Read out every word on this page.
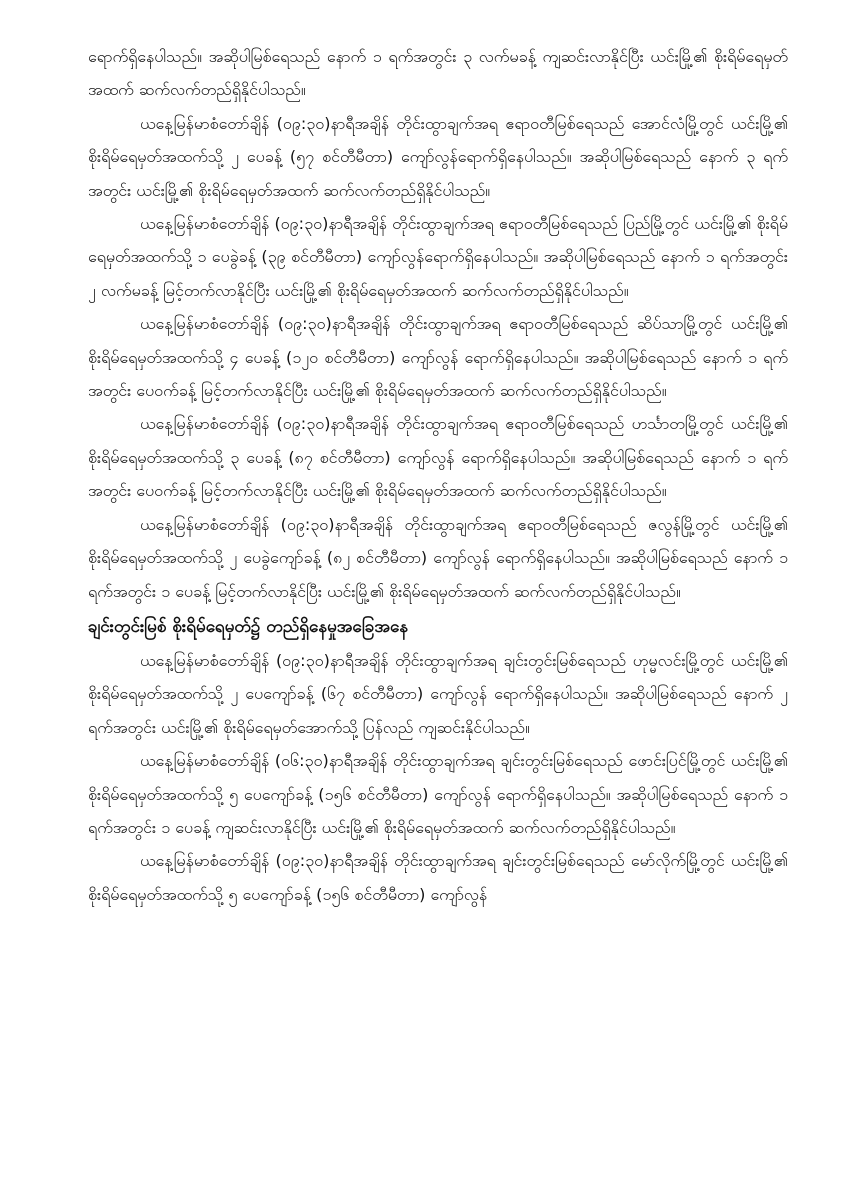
ရောက်ရှိနေပါသည်။ အဆိုပါမြစ်ရေသည် နောက် ၁ ရက်အတွင်း ၃ လက်မခန့် ကျဆင်းလာနိုင်ပြီး ယင်းမြို့၏ စိုးရိမ်ရေမှတ်အထက် ဆက်လက်တည်ရှိနိုင်ပါသည်။

ယနေ့မြန်မာစံတော်ချိန် (၀၉:၃၀)နာရီအချိန် တိုင်းထွာချက်အရ ဧရာဝတီမြစ်ရေသည် အောင်လံမြို့တွင် ယင်းမြို့၏ စိုးရိမ်ရေမှတ်အထက်သို့ ၂ ပေခန့် (၅၇ စင်တီမီတာ) ကျော်လွန်ရောက်ရှိနေပါသည်။ အဆိုပါမြစ်ရေသည် နောက် ၃ ရက်အတွင်း ယင်းမြို့၏ စိုးရိမ်ရေမှတ်အထက် ဆက်လက်တည်ရှိနိုင်ပါသည်။

ယနေ့မြန်မာစံတော်ချိန် (၀၉:၃၀)နာရီအချိန် တိုင်းထွာချက်အရ ဧရာဝတီမြစ်ရေသည် ပြည်မြို့တွင် ယင်းမြို့၏ စိုးရိမ်ရေမှတ်အထက်သို့ ၁ ပေခွဲခန့် (၃၉ စင်တီမီတာ) ကျော်လွန်ရောက်ရှိနေပါသည်။ အဆိုပါမြစ်ရေသည် နောက် ၁ ရက်အတွင်း ၂ လက်မခန့် မြင့်တက်လာနိုင်ပြီး ယင်းမြို့၏ စိုးရိမ်ရေမှတ်အထက် ဆက်လက်တည်ရှိနိုင်ပါသည်။

ယနေ့မြန်မာစံတော်ချိန် (၀၉:၃၀)နာရီအချိန် တိုင်းထွာချက်အရ ဧရာဝတီမြစ်ရေသည် ဆိပ်သာမြို့တွင် ယင်းမြို့၏ စိုးရိမ်ရေမှတ်အထက်သို့ ၄ ပေခန့် (၁၂၀ စင်တီမီတာ) ကျော်လွန် ရောက်ရှိနေပါသည်။ အဆိုပါမြစ်ရေသည် နောက် ၁ ရက်အတွင်း ပေဝက်ခန့် မြင့်တက်လာနိုင်ပြီး ယင်းမြို့၏ စိုးရိမ်ရေမှတ်အထက် ဆက်လက်တည်ရှိနိုင်ပါသည်။

ယနေ့မြန်မာစံတော်ချိန် (၀၉:၃၀)နာရီအချိန် တိုင်းထွာချက်အရ ဧရာဝတီမြစ်ရေသည် ဟင်္သာတမြို့တွင် ယင်းမြို့၏ စိုးရိမ်ရေမှတ်အထက်သို့ ၃ ပေခန့် (၈၇ စင်တီမီတာ) ကျော်လွန် ရောက်ရှိနေပါသည်။ အဆိုပါမြစ်ရေသည် နောက် ၁ ရက်အတွင်း ပေဝက်ခန့် မြင့်တက်လာနိုင်ပြီး ယင်းမြို့၏ စိုးရိမ်ရေမှတ်အထက် ဆက်လက်တည်ရှိနိုင်ပါသည်။

ယနေ့မြန်မာစံတော်ချိန် (၀၉:၃၀)နာရီအချိန် တိုင်းထွာချက်အရ ဧရာဝတီမြစ်ရေသည် ဇလွန်မြို့တွင် ယင်းမြို့၏ စိုးရိမ်ရေမှတ်အထက်သို့ ၂ ပေခွဲကျော်ခန့် (၈၂ စင်တီမီတာ) ကျော်လွန် ရောက်ရှိနေပါသည်။ အဆိုပါမြစ်ရေသည် နောက် ၁ ရက်အတွင်း ၁ ပေခန့် မြင့်တက်လာနိုင်ပြီး ယင်းမြို့၏ စိုးရိမ်ရေမှတ်အထက် ဆက်လက်တည်ရှိနိုင်ပါသည်။

ချင်းတွင်းမြစ် စိုးရိမ်ရေမှတ်၌ တည်ရှိနေမှုအခြေအနေ

ယနေ့မြန်မာစံတော်ချိန် (၀၉:၃၀)နာရီအချိန် တိုင်းထွာချက်အရ ချင်းတွင်းမြစ်ရေသည် ဟုမ္မလင်းမြို့တွင် ယင်းမြို့၏ စိုးရိမ်ရေမှတ်အထက်သို့ ၂ ပေကျော်ခန့် (၆၇ စင်တီမီတာ) ကျော်လွန် ရောက်ရှိနေပါသည်။ အဆိုပါမြစ်ရေသည် နောက် ၂ ရက်အတွင်း ယင်းမြို့၏ စိုးရိမ်ရေမှတ်အောက်သို့ ပြန်လည် ကျဆင်းနိုင်ပါသည်။

ယနေ့မြန်မာစံတော်ချိန် (၀၆:၃၀)နာရီအချိန် တိုင်းထွာချက်အရ ချင်းတွင်းမြစ်ရေသည် ဖောင်းပြင်မြို့တွင် ယင်းမြို့၏ စိုးရိမ်ရေမှတ်အထက်သို့ ၅ ပေကျော်ခန့် (၁၅၆ စင်တီမီတာ) ကျော်လွန် ရောက်ရှိနေပါသည်။ အဆိုပါမြစ်ရေသည် နောက် ၁ ရက်အတွင်း ၁ ပေခန့် ကျဆင်းလာနိုင်ပြီး ယင်းမြို့၏ စိုးရိမ်ရေမှတ်အထက် ဆက်လက်တည်ရှိနိုင်ပါသည်။

ယနေ့မြန်မာစံတော်ချိန် (၀၉:၃၀)နာရီအချိန် တိုင်းထွာချက်အရ ချင်းတွင်းမြစ်ရေသည် မော်လိုက်မြို့တွင် ယင်းမြို့၏ စိုးရိမ်ရေမှတ်အထက်သို့ ၅ ပေကျော်ခန့် (၁၅၆ စင်တီမီတာ) ကျော်လွန်
